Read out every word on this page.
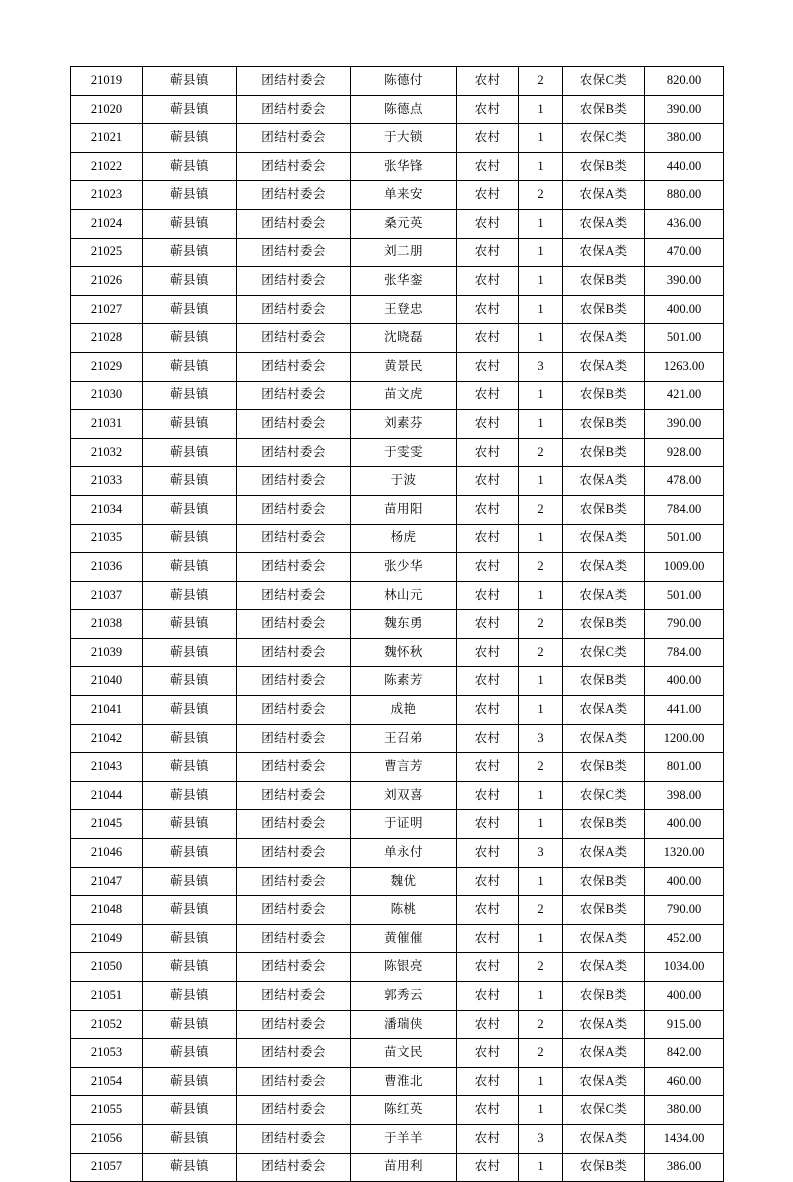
21019	蕲县镇	团结村委会	陈德付	农村	2	农保C类	820.00
21020	蕲县镇	团结村委会	陈德点	农村	1	农保B类	390.00
21021	蕲县镇	团结村委会	于大锁	农村	1	农保C类	380.00
21022	蕲县镇	团结村委会	张华锋	农村	1	农保B类	440.00
21023	蕲县镇	团结村委会	单来安	农村	2	农保A类	880.00
21024	蕲县镇	团结村委会	桑元英	农村	1	农保A类	436.00
21025	蕲县镇	团结村委会	刘二朋	农村	1	农保A类	470.00
21026	蕲县镇	团结村委会	张华銮	农村	1	农保B类	390.00
21027	蕲县镇	团结村委会	王登忠	农村	1	农保B类	400.00
21028	蕲县镇	团结村委会	沈晓磊	农村	1	农保A类	501.00
21029	蕲县镇	团结村委会	黄景民	农村	3	农保A类	1263.00
21030	蕲县镇	团结村委会	苗文虎	农村	1	农保B类	421.00
21031	蕲县镇	团结村委会	刘素芬	农村	1	农保B类	390.00
21032	蕲县镇	团结村委会	于雯雯	农村	2	农保B类	928.00
21033	蕲县镇	团结村委会	于波	农村	1	农保A类	478.00
21034	蕲县镇	团结村委会	苗用阳	农村	2	农保B类	784.00
21035	蕲县镇	团结村委会	杨虎	农村	1	农保A类	501.00
21036	蕲县镇	团结村委会	张少华	农村	2	农保A类	1009.00
21037	蕲县镇	团结村委会	林山元	农村	1	农保A类	501.00
21038	蕲县镇	团结村委会	魏东勇	农村	2	农保B类	790.00
21039	蕲县镇	团结村委会	魏怀秋	农村	2	农保C类	784.00
21040	蕲县镇	团结村委会	陈素芳	农村	1	农保B类	400.00
21041	蕲县镇	团结村委会	成艳	农村	1	农保A类	441.00
21042	蕲县镇	团结村委会	王召弟	农村	3	农保A类	1200.00
21043	蕲县镇	团结村委会	曹言芳	农村	2	农保B类	801.00
21044	蕲县镇	团结村委会	刘双喜	农村	1	农保C类	398.00
21045	蕲县镇	团结村委会	于证明	农村	1	农保B类	400.00
21046	蕲县镇	团结村委会	单永付	农村	3	农保A类	1320.00
21047	蕲县镇	团结村委会	魏优	农村	1	农保B类	400.00
21048	蕲县镇	团结村委会	陈桃	农村	2	农保B类	790.00
21049	蕲县镇	团结村委会	黄催催	农村	1	农保A类	452.00
21050	蕲县镇	团结村委会	陈银亮	农村	2	农保A类	1034.00
21051	蕲县镇	团结村委会	郭秀云	农村	1	农保B类	400.00
21052	蕲县镇	团结村委会	潘瑞侠	农村	2	农保A类	915.00
21053	蕲县镇	团结村委会	苗文民	农村	2	农保A类	842.00
21054	蕲县镇	团结村委会	曹淮北	农村	1	农保A类	460.00
21055	蕲县镇	团结村委会	陈红英	农村	1	农保C类	380.00
21056	蕲县镇	团结村委会	于羊羊	农村	3	农保A类	1434.00
21057	蕲县镇	团结村委会	苗用利	农村	1	农保B类	386.00
